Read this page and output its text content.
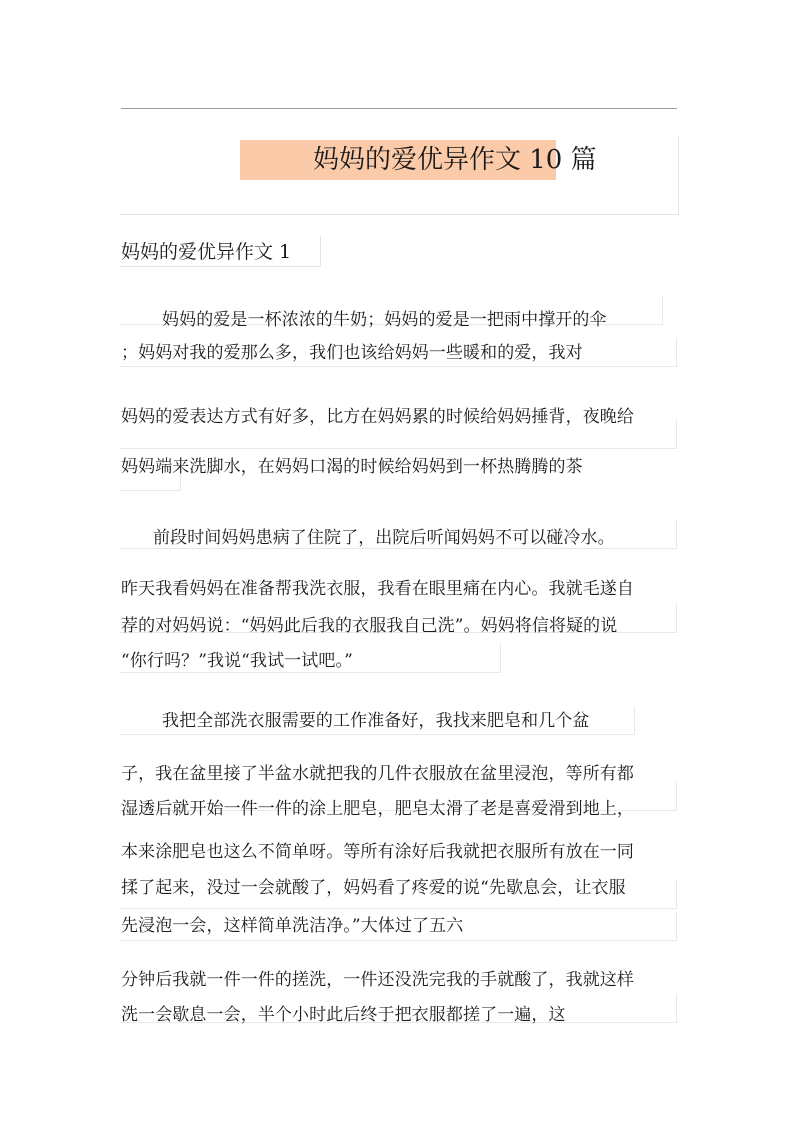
妈妈的爱优异作文 10 篇
妈妈的爱优异作文 1
妈妈的爱是一杯浓浓的牛奶；妈妈的爱是一把雨中撑开的伞
；妈妈对我的爱那么多，我们也该给妈妈一些暖和的爱，我对
妈妈的爱表达方式有好多，比方在妈妈累的时候给妈妈捶背，夜晚给
妈妈端来洗脚水，在妈妈口渴的时候给妈妈到一杯热腾腾的茶
前段时间妈妈患病了住院了，出院后听闻妈妈不可以碰冷水。
昨天我看妈妈在准备帮我洗衣服，我看在眼里痛在内心。我就毛遂自
荐的对妈妈说：“妈妈此后我的衣服我自己洗”。妈妈将信将疑的说
“你行吗？”我说“我试一试吧。”
我把全部洗衣服需要的工作准备好，我找来肥皂和几个盆
子，我在盆里接了半盆水就把我的几件衣服放在盆里浸泡，等所有都
湿透后就开始一件一件的涂上肥皂，肥皂太滑了老是喜爱滑到地上，
本来涂肥皂也这么不简单呀。等所有涂好后我就把衣服所有放在一同
揉了起来，没过一会就酸了，妈妈看了疼爱的说“先歇息会，让衣服
先浸泡一会，这样简单洗洁净。”大体过了五六
分钟后我就一件一件的搓洗，一件还没洗完我的手就酸了，我就这样
洗一会歇息一会，半个小时此后终于把衣服都搓了一遍，这
